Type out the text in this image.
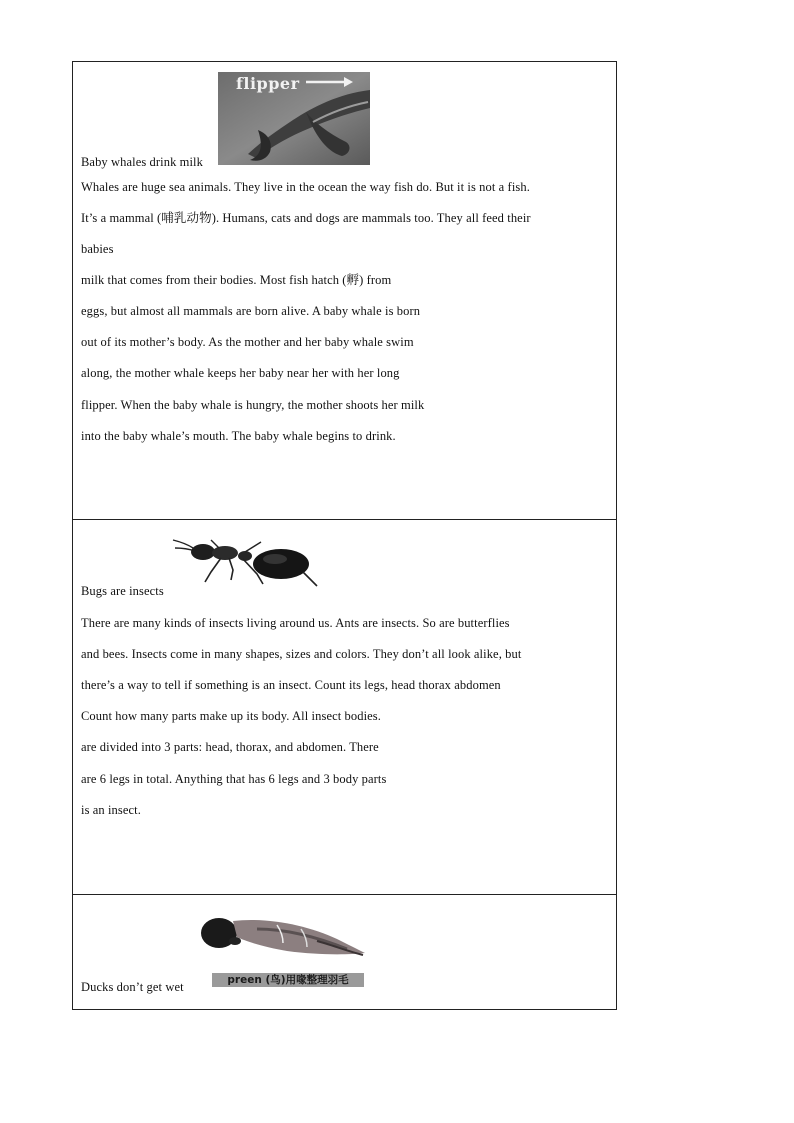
flipper
Baby whales drink milk
Whales are huge sea animals. They live in the ocean the way fish do. But it is not a fish.
It’s a mammal (哺乳动物). Humans, cats and dogs are mammals too. They all feed their
babies
milk that comes from their bodies. Most fish hatch (孵) from
eggs, but almost all mammals are born alive. A baby whale is born
out of its mother’s body. As the mother and her baby whale swim
along, the mother whale keeps her baby near her with her long
flipper. When the baby whale is hungry, the mother shoots her milk
into the baby whale’s mouth. The baby whale begins to drink.
Bugs are insects
There are many kinds of insects living around us. Ants are insects. So are butterflies
and bees. Insects come in many shapes, sizes and colors. They don’t all look alike, but
there’s a way to tell if something is an insect. Count its legs, head thorax abdomen
Count how many parts make up its body. All insect bodies.
are divided into 3 parts: head, thorax, and abdomen. There
are 6 legs in total. Anything that has 6 legs and 3 body parts
is an insect.
preen (鸟)用喙整理羽毛
Ducks don’t get wet
